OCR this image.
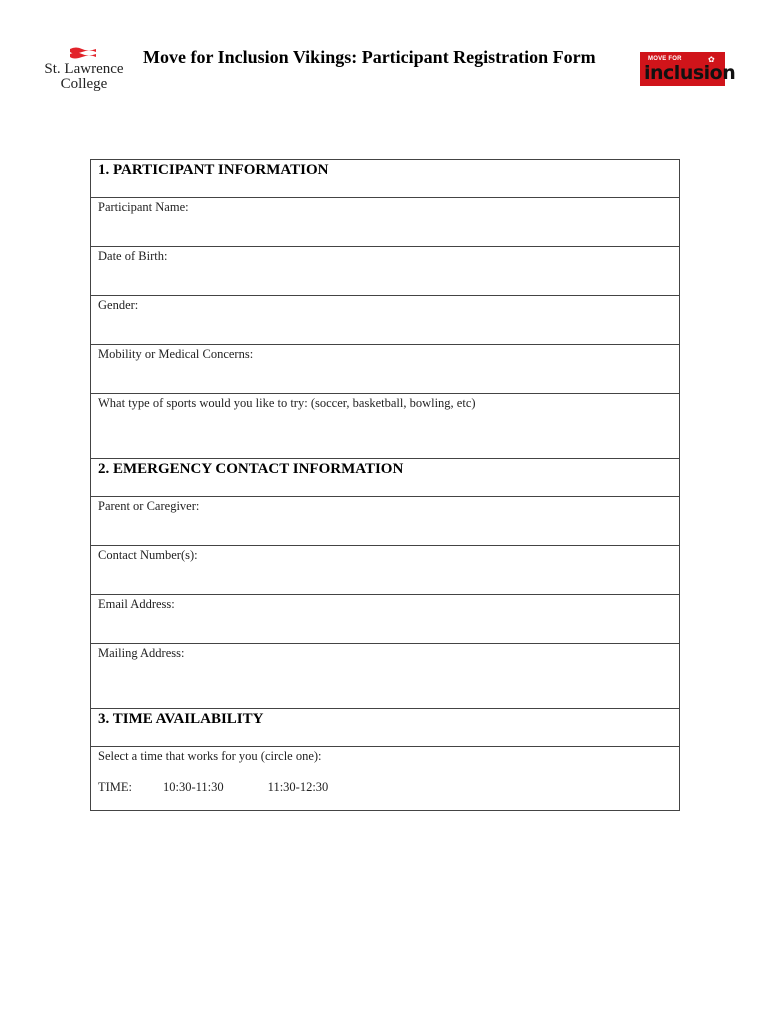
St. Lawrence
College
Move for Inclusion Vikings: Participant Registration Form	MOVE FOR	✿
inclusion
1. PARTICIPANT INFORMATION
Participant Name:
Date of Birth:
Gender:
Mobility or Medical Concerns:
What type of sports would you like to try: (soccer, basketball, bowling, etc)
2. EMERGENCY CONTACT INFORMATION
Parent or Caregiver:
Contact Number(s):
Email Address:
Mailing Address:
3. TIME AVAILABILITY
Select a time that works for you (circle one):
TIME: 10:30-11:30	11:30-12:30
